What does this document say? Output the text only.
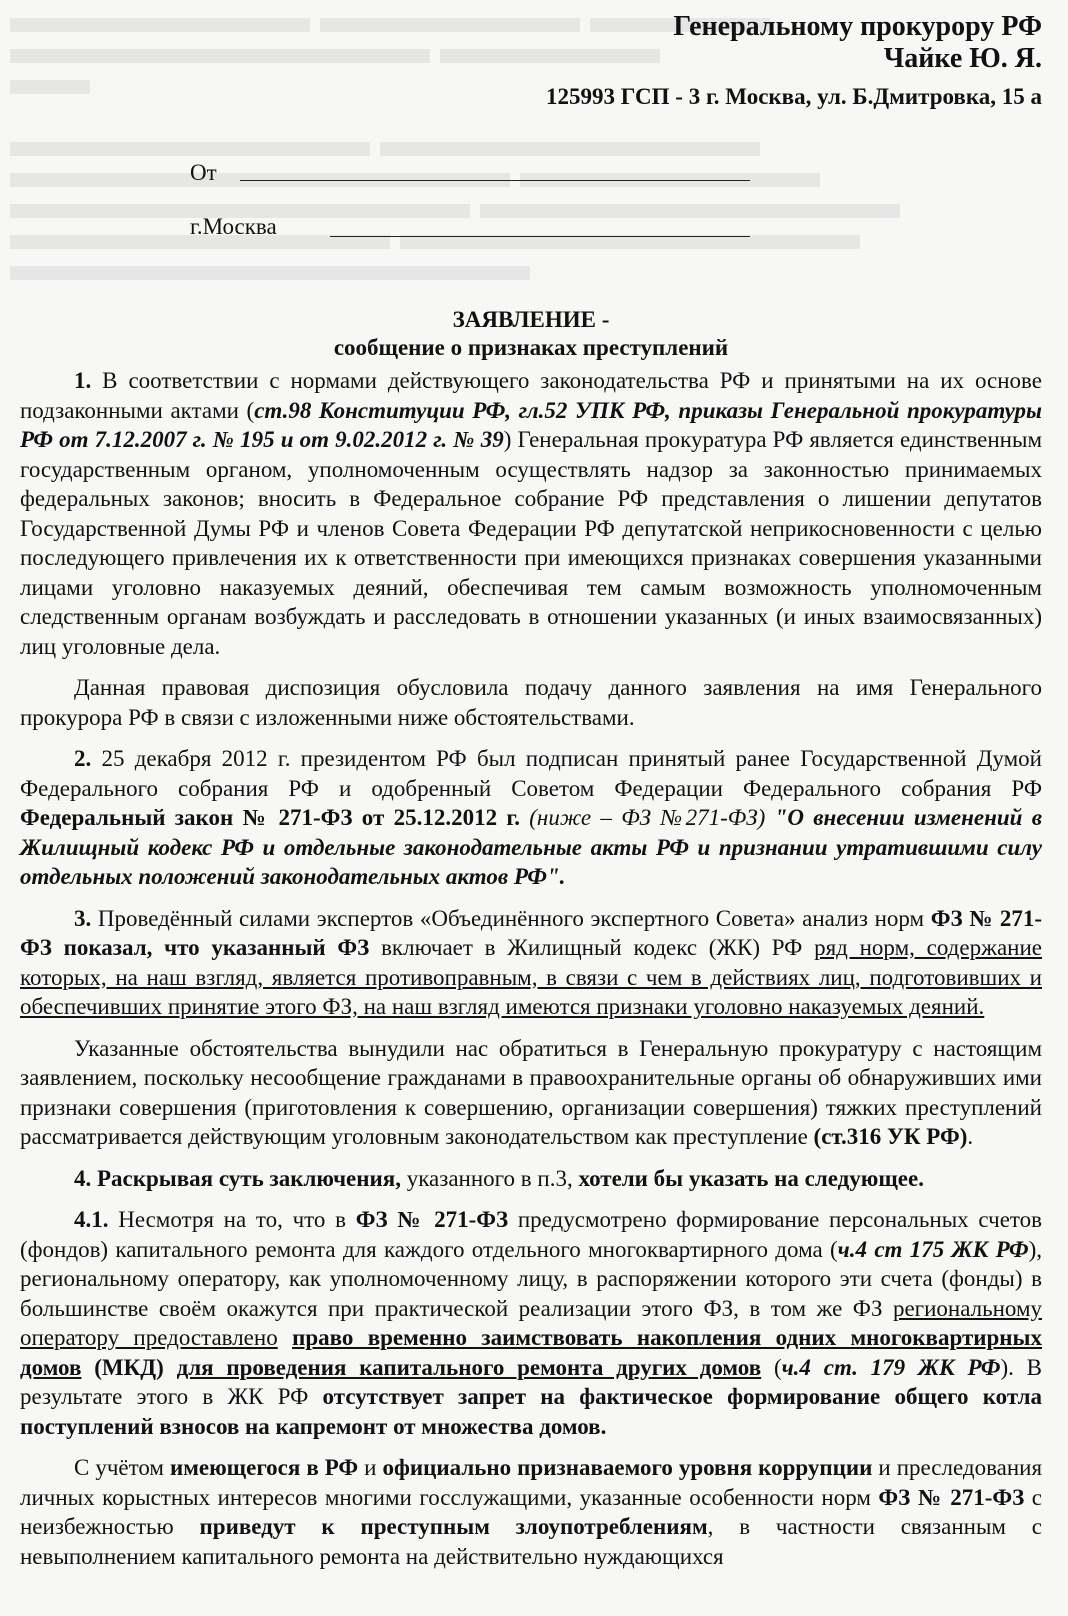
Генеральному прокурору РФ
Чайке Ю. Я.
125993 ГСП - 3 г. Москва, ул. Б.Дмитровка, 15 а
От
г.Москва
ЗАЯВЛЕНИЕ -
сообщение о признаках преступлений

1. В соответствии с нормами действующего законодательства РФ и принятыми на их основе подзаконными актами (ст.98 Конституции РФ, гл.52 УПК РФ, приказы Генеральной прокуратуры РФ от 7.12.2007 г. № 195 и от 9.02.2012 г. № 39) Генеральная прокуратура РФ является единственным государственным органом, уполномоченным осуществлять надзор за законностью принимаемых федеральных законов; вносить в Федеральное собрание РФ представления о лишении депутатов Государственной Думы РФ и членов Совета Федерации РФ депутатской неприкосновенности с целью последующего привлечения их к ответственности при имеющихся признаках совершения указанными лицами уголовно наказуемых деяний, обеспечивая тем самым возможность уполномоченным следственным органам возбуждать и расследовать в отношении указанных (и иных взаимосвязанных) лиц уголовные дела.

Данная правовая диспозиция обусловила подачу данного заявления на имя Генерального прокурора РФ в связи с изложенными ниже обстоятельствами.

2. 25 декабря 2012 г. президентом РФ был подписан принятый ранее Государственной Думой Федерального собрания РФ и одобренный Советом Федерации Федерального собрания РФ Федеральный закон № 271-ФЗ от 25.12.2012 г. (ниже – ФЗ №271-ФЗ) "О внесении изменений в Жилищный кодекс РФ и отдельные законодательные акты РФ и признании утратившими силу отдельных положений законодательных актов РФ".

3. Проведённый силами экспертов «Объединённого экспертного Совета» анализ норм ФЗ № 271-ФЗ показал, что указанный ФЗ включает в Жилищный кодекс (ЖК) РФ ряд норм, содержание которых, на наш взгляд, является противоправным, в связи с чем в действиях лиц, подготовивших и обеспечивших принятие этого ФЗ, на наш взгляд имеются признаки уголовно наказуемых деяний.

Указанные обстоятельства вынудили нас обратиться в Генеральную прокуратуру с настоящим заявлением, поскольку несообщение гражданами в правоохранительные органы об обнаруживших ими признаки совершения (приготовления к совершению, организации совершения) тяжких преступлений рассматривается действующим уголовным законодательством как преступление (ст.316 УК РФ).

4. Раскрывая суть заключения, указанного в п.3, хотели бы указать на следующее.

4.1. Несмотря на то, что в ФЗ № 271-ФЗ предусмотрено формирование персональных счетов (фондов) капитального ремонта для каждого отдельного многоквартирного дома (ч.4 ст 175 ЖК РФ), региональному оператору, как уполномоченному лицу, в распоряжении которого эти счета (фонды) в большинстве своём окажутся при практической реализации этого ФЗ, в том же ФЗ региональному оператору предоставлено право временно заимствовать накопления одних многоквартирных домов (МКД) для проведения капитального ремонта других домов (ч.4 ст. 179 ЖК РФ). В результате этого в ЖК РФ отсутствует запрет на фактическое формирование общего котла поступлений взносов на капремонт от множества домов.

С учётом имеющегося в РФ и официально признаваемого уровня коррупции и преследования личных корыстных интересов многими госслужащими, указанные особенности норм ФЗ № 271-ФЗ с неизбежностью приведут к преступным злоупотреблениям, в частности связанным с невыполнением капитального ремонта на действительно нуждающихся
